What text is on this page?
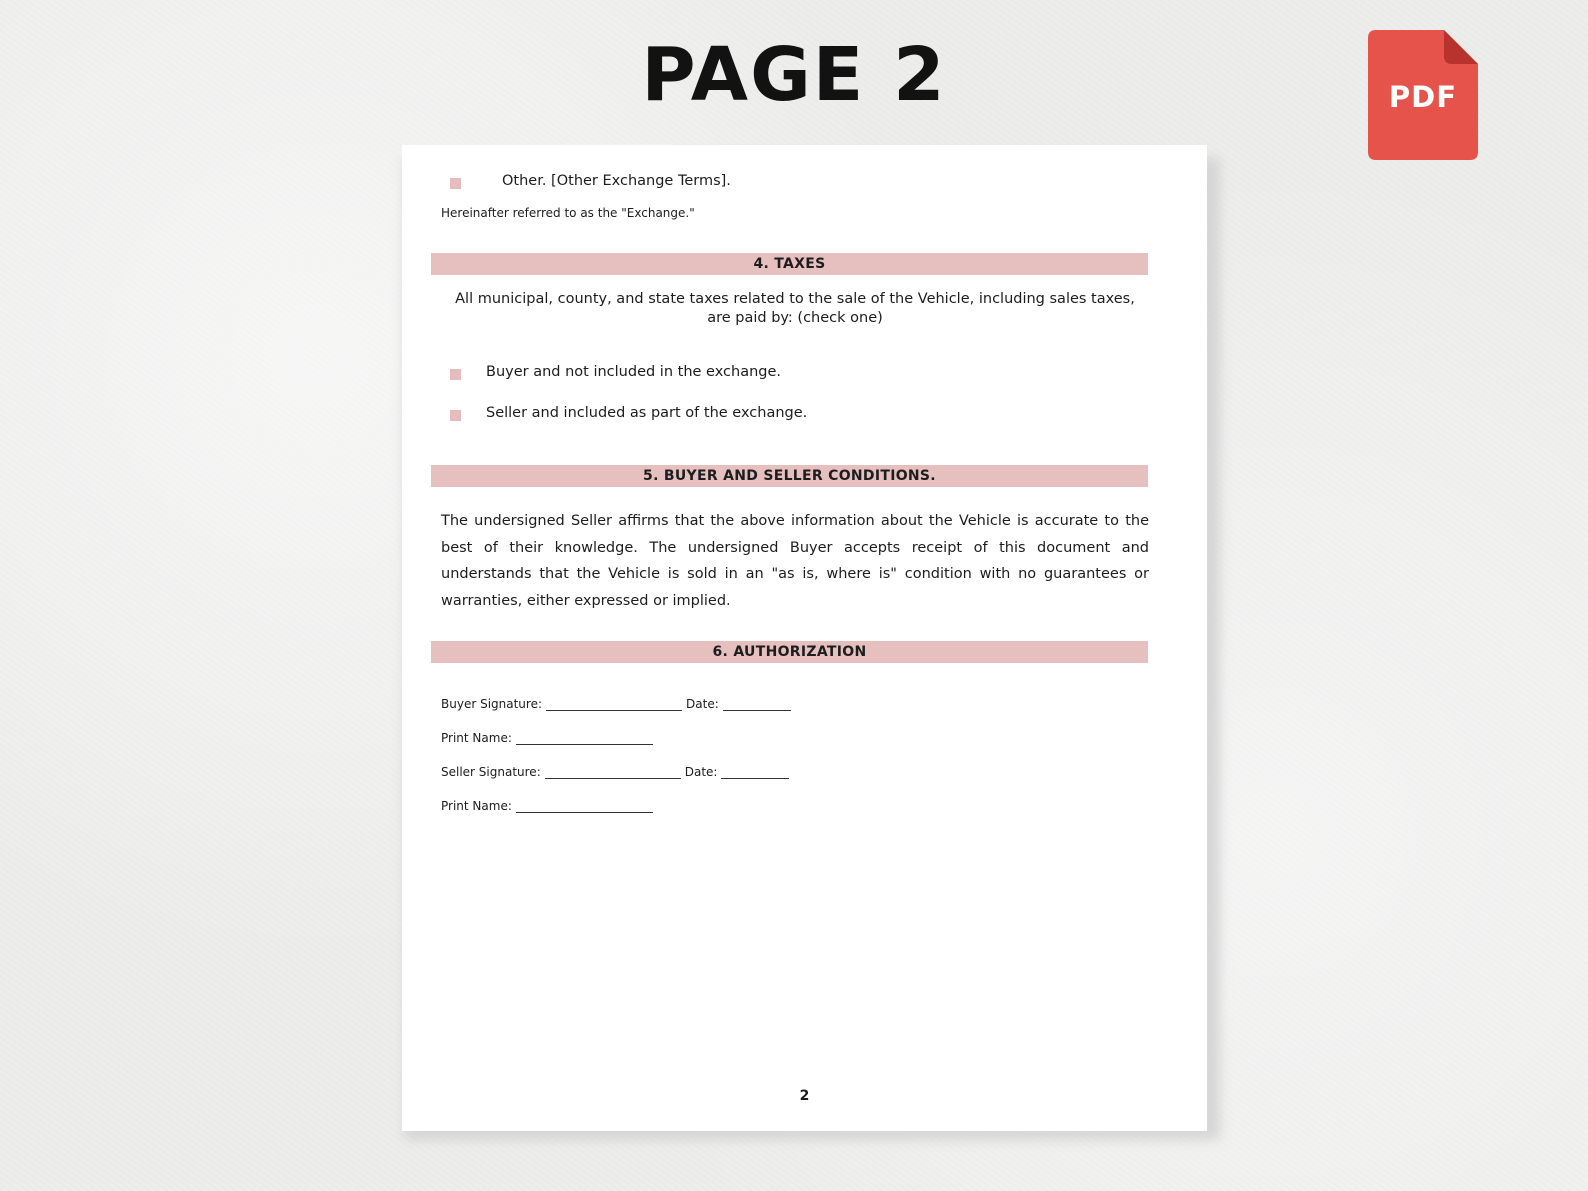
PAGE 2	PDF
Other. [Other Exchange Terms].
Hereinafter referred to as the "Exchange."
4. TAXES
All municipal, county, and state taxes related to the sale of the Vehicle, including sales taxes,
are paid by: (check one)
Buyer and not included in the exchange.
Seller and included as part of the exchange.
5. BUYER AND SELLER CONDITIONS.
The undersigned Seller affirms that the above information about the Vehicle is accurate to the best of their knowledge. The undersigned Buyer accepts receipt of this document and understands that the Vehicle is sold in an "as is, where is" condition with no guarantees or warranties, either expressed or implied.
6. AUTHORIZATION
Buyer Signature:	Date:
Print Name:
Seller Signature:	Date:
Print Name:
2
